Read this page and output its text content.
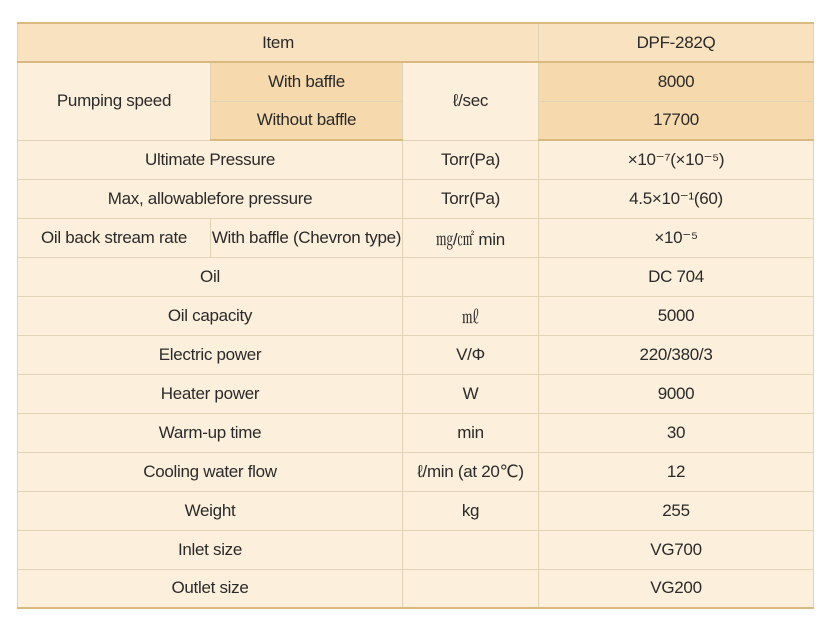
Item			DPF-282Q
Pumping speed	With baffle	ℓ/sec	8000
	Without baffle		17700
Ultimate Pressure		Torr(Pa)	×10⁻⁷(×10⁻⁵)
Max, allowablefore pressure		Torr(Pa)	4.5×10⁻¹(60)
Oil back stream rate	With baffle (Chevron type)	㎎/㎠ min	×10⁻⁵
Oil			DC 704
Oil capacity		㎖	5000
Electric power		V/Φ	220/380/3
Heater power		W	9000
Warm-up time		min	30
Cooling water flow		ℓ/min (at 20℃)	12
Weight		kg	255
Inlet size			VG700
Outlet size			VG200
